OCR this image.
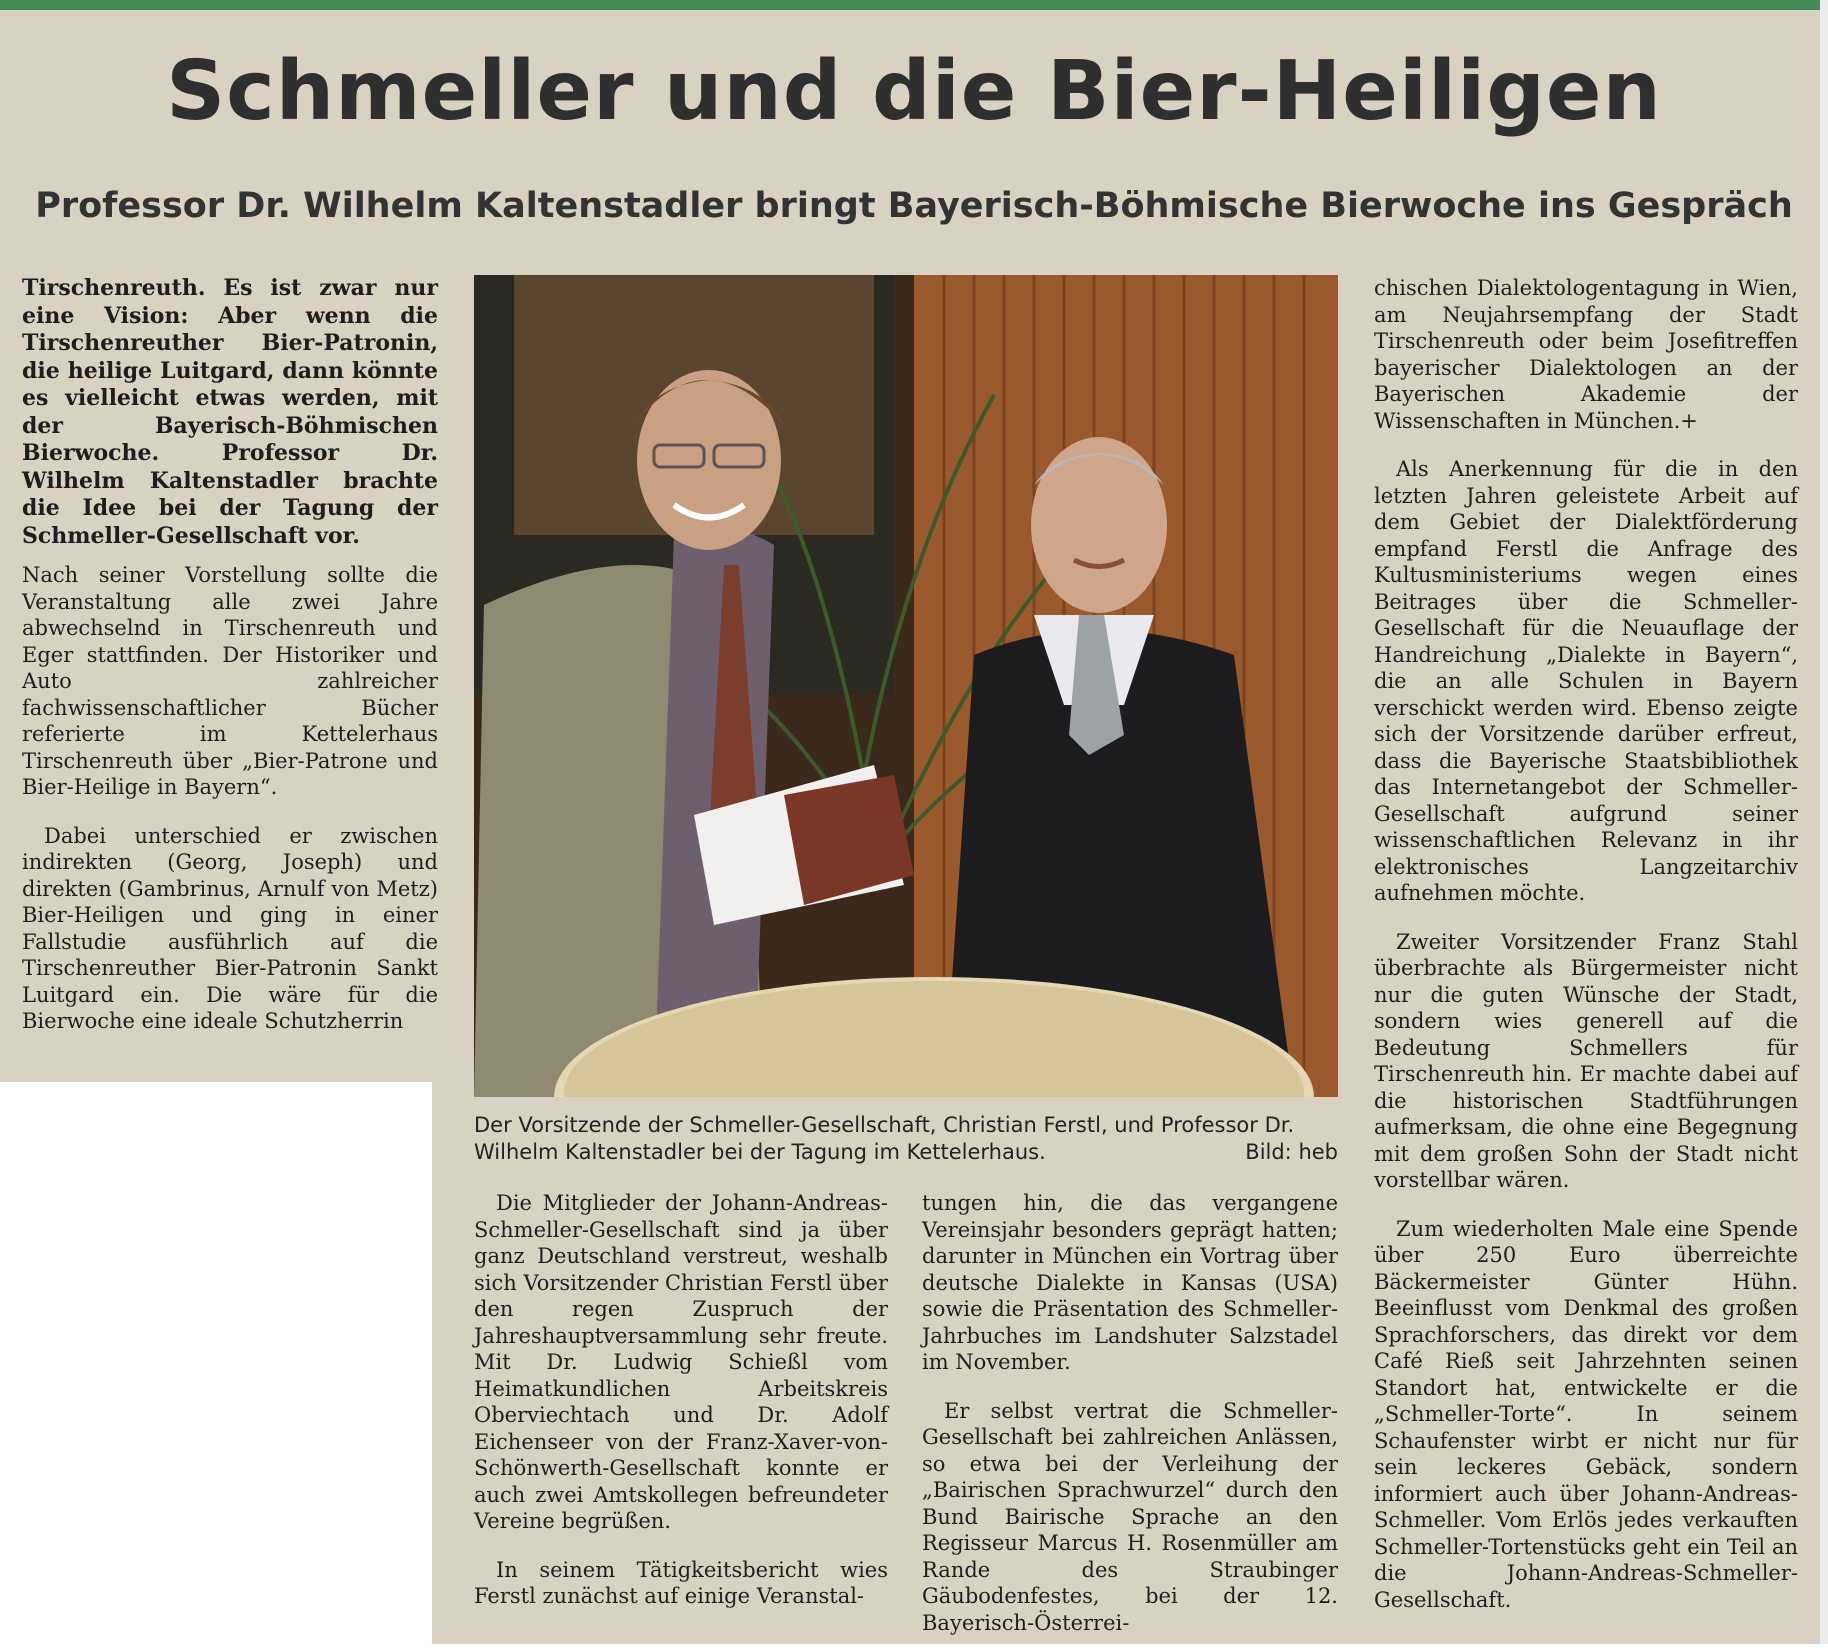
Schmeller und die Bier-Heiligen
Professor Dr. Wilhelm Kaltenstadler bringt Bayerisch-Böhmische Bierwoche ins Gespräch

Tirschenreuth. Es ist zwar nur eine Vision: Aber wenn die Tirschenreuther Bier-Patronin, die heilige Luitgard, dann könnte es vielleicht etwas werden, mit der Bayerisch-Böhmischen Bierwoche. Professor Dr. Wilhelm Kaltenstadler brachte die Idee bei der Tagung der Schmeller-Gesellschaft vor.

Nach seiner Vorstellung sollte die Veranstaltung alle zwei Jahre abwechselnd in Tirschenreuth und Eger stattfinden. Der Historiker und Auto zahlreicher fachwissenschaftlicher Bücher referierte im Kettelerhaus Tirschenreuth über „Bier-Patrone und Bier-Heilige in Bayern“.

Dabei unterschied er zwischen indirekten (Georg, Joseph) und direkten (Gambrinus, Arnulf von Metz) Bier-Heiligen und ging in einer Fallstudie ausführlich auf die Tirschenreuther Bier-Patronin Sankt Luitgard ein. Die wäre für die Bierwoche eine ideale Schutzherrin

Der Vorsitzende der Schmeller-Gesellschaft, Christian Ferstl, und Professor Dr. Wilhelm Kaltenstadler bei der Tagung im Kettelerhaus.	Bild: heb

Die Mitglieder der Johann-Andreas-Schmeller-Gesellschaft sind ja über ganz Deutschland verstreut, weshalb sich Vorsitzender Christian Ferstl über den regen Zuspruch der Jahreshauptversammlung sehr freute. Mit Dr. Ludwig Schießl vom Heimatkundlichen Arbeitskreis Oberviechtach und Dr. Adolf Eichenseer von der Franz-Xaver-von-Schönwerth-Gesellschaft konnte er auch zwei Amtskollegen befreundeter Vereine begrüßen.

In seinem Tätigkeitsbericht wies Ferstl zunächst auf einige Veranstal-

tungen hin, die das vergangene Vereinsjahr besonders geprägt hatten; darunter in München ein Vortrag über deutsche Dialekte in Kansas (USA) sowie die Präsentation des Schmeller-Jahrbuches im Landshuter Salzstadel im November.

Er selbst vertrat die Schmeller-Gesellschaft bei zahlreichen Anlässen, so etwa bei der Verleihung der „Bairischen Sprachwurzel“ durch den Bund Bairische Sprache an den Regisseur Marcus H. Rosenmüller am Rande des Straubinger Gäubodenfestes, bei der 12. Bayerisch-Österrei-

chischen Dialektologentagung in Wien, am Neujahrsempfang der Stadt Tirschenreuth oder beim Josefitreffen bayerischer Dialektologen an der Bayerischen Akademie der Wissenschaften in München.+

Als Anerkennung für die in den letzten Jahren geleistete Arbeit auf dem Gebiet der Dialektförderung empfand Ferstl die Anfrage des Kultusministeriums wegen eines Beitrages über die Schmeller-Gesellschaft für die Neuauflage der Handreichung „Dialekte in Bayern“, die an alle Schulen in Bayern verschickt werden wird. Ebenso zeigte sich der Vorsitzende darüber erfreut, dass die Bayerische Staatsbibliothek das Internetangebot der Schmeller-Gesellschaft aufgrund seiner wissenschaftlichen Relevanz in ihr elektronisches Langzeitarchiv aufnehmen möchte.

Zweiter Vorsitzender Franz Stahl überbrachte als Bürgermeister nicht nur die guten Wünsche der Stadt, sondern wies generell auf die Bedeutung Schmellers für Tirschenreuth hin. Er machte dabei auf die historischen Stadtführungen aufmerksam, die ohne eine Begegnung mit dem großen Sohn der Stadt nicht vorstellbar wären.

Zum wiederholten Male eine Spende über 250 Euro überreichte Bäckermeister Günter Hühn. Beeinflusst vom Denkmal des großen Sprachforschers, das direkt vor dem Café Rieß seit Jahrzehnten seinen Standort hat, entwickelte er die „Schmeller-Torte“. In seinem Schaufenster wirbt er nicht nur für sein leckeres Gebäck, sondern informiert auch über Johann-Andreas- Schmeller. Vom Erlös jedes verkauften Schmeller-Tortenstücks geht ein Teil an die Johann-Andreas-Schmeller-Gesellschaft.
